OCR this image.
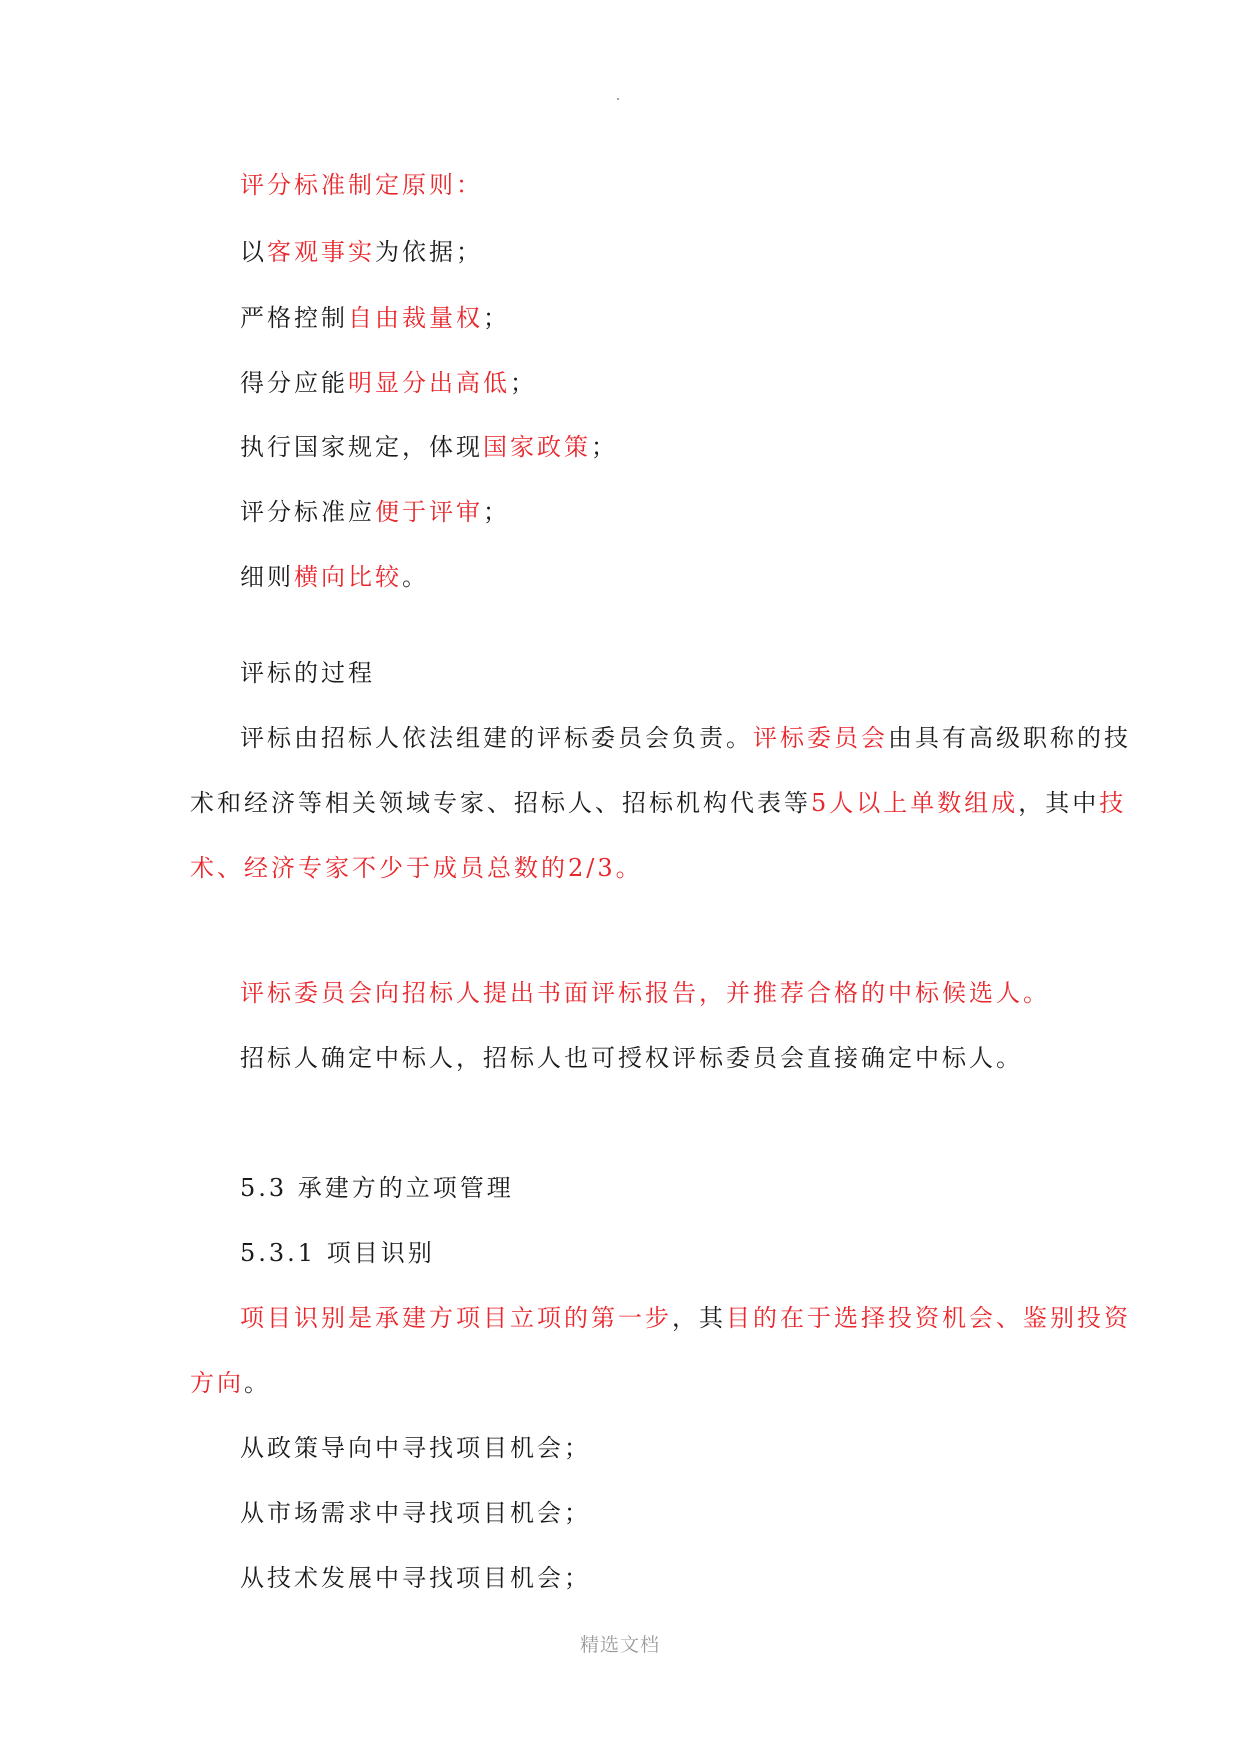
评分标准制定原则：
以客观事实为依据；
严格控制自由裁量权；
得分应能明显分出高低；
执行国家规定，体现国家政策；
评分标准应便于评审；
细则横向比较。
评标的过程
评标由招标人依法组建的评标委员会负责。评标委员会由具有高级职称的技
术和经济等相关领域专家、招标人、招标机构代表等5人以上单数组成，其中技
术、经济专家不少于成员总数的2/3。
评标委员会向招标人提出书面评标报告，并推荐合格的中标候选人。
招标人确定中标人，招标人也可授权评标委员会直接确定中标人。
5.3 承建方的立项管理
5.3.1 项目识别
项目识别是承建方项目立项的第一步，其目的在于选择投资机会、鉴别投资
方向。
从政策导向中寻找项目机会；
从市场需求中寻找项目机会；
从技术发展中寻找项目机会；
精选文档
